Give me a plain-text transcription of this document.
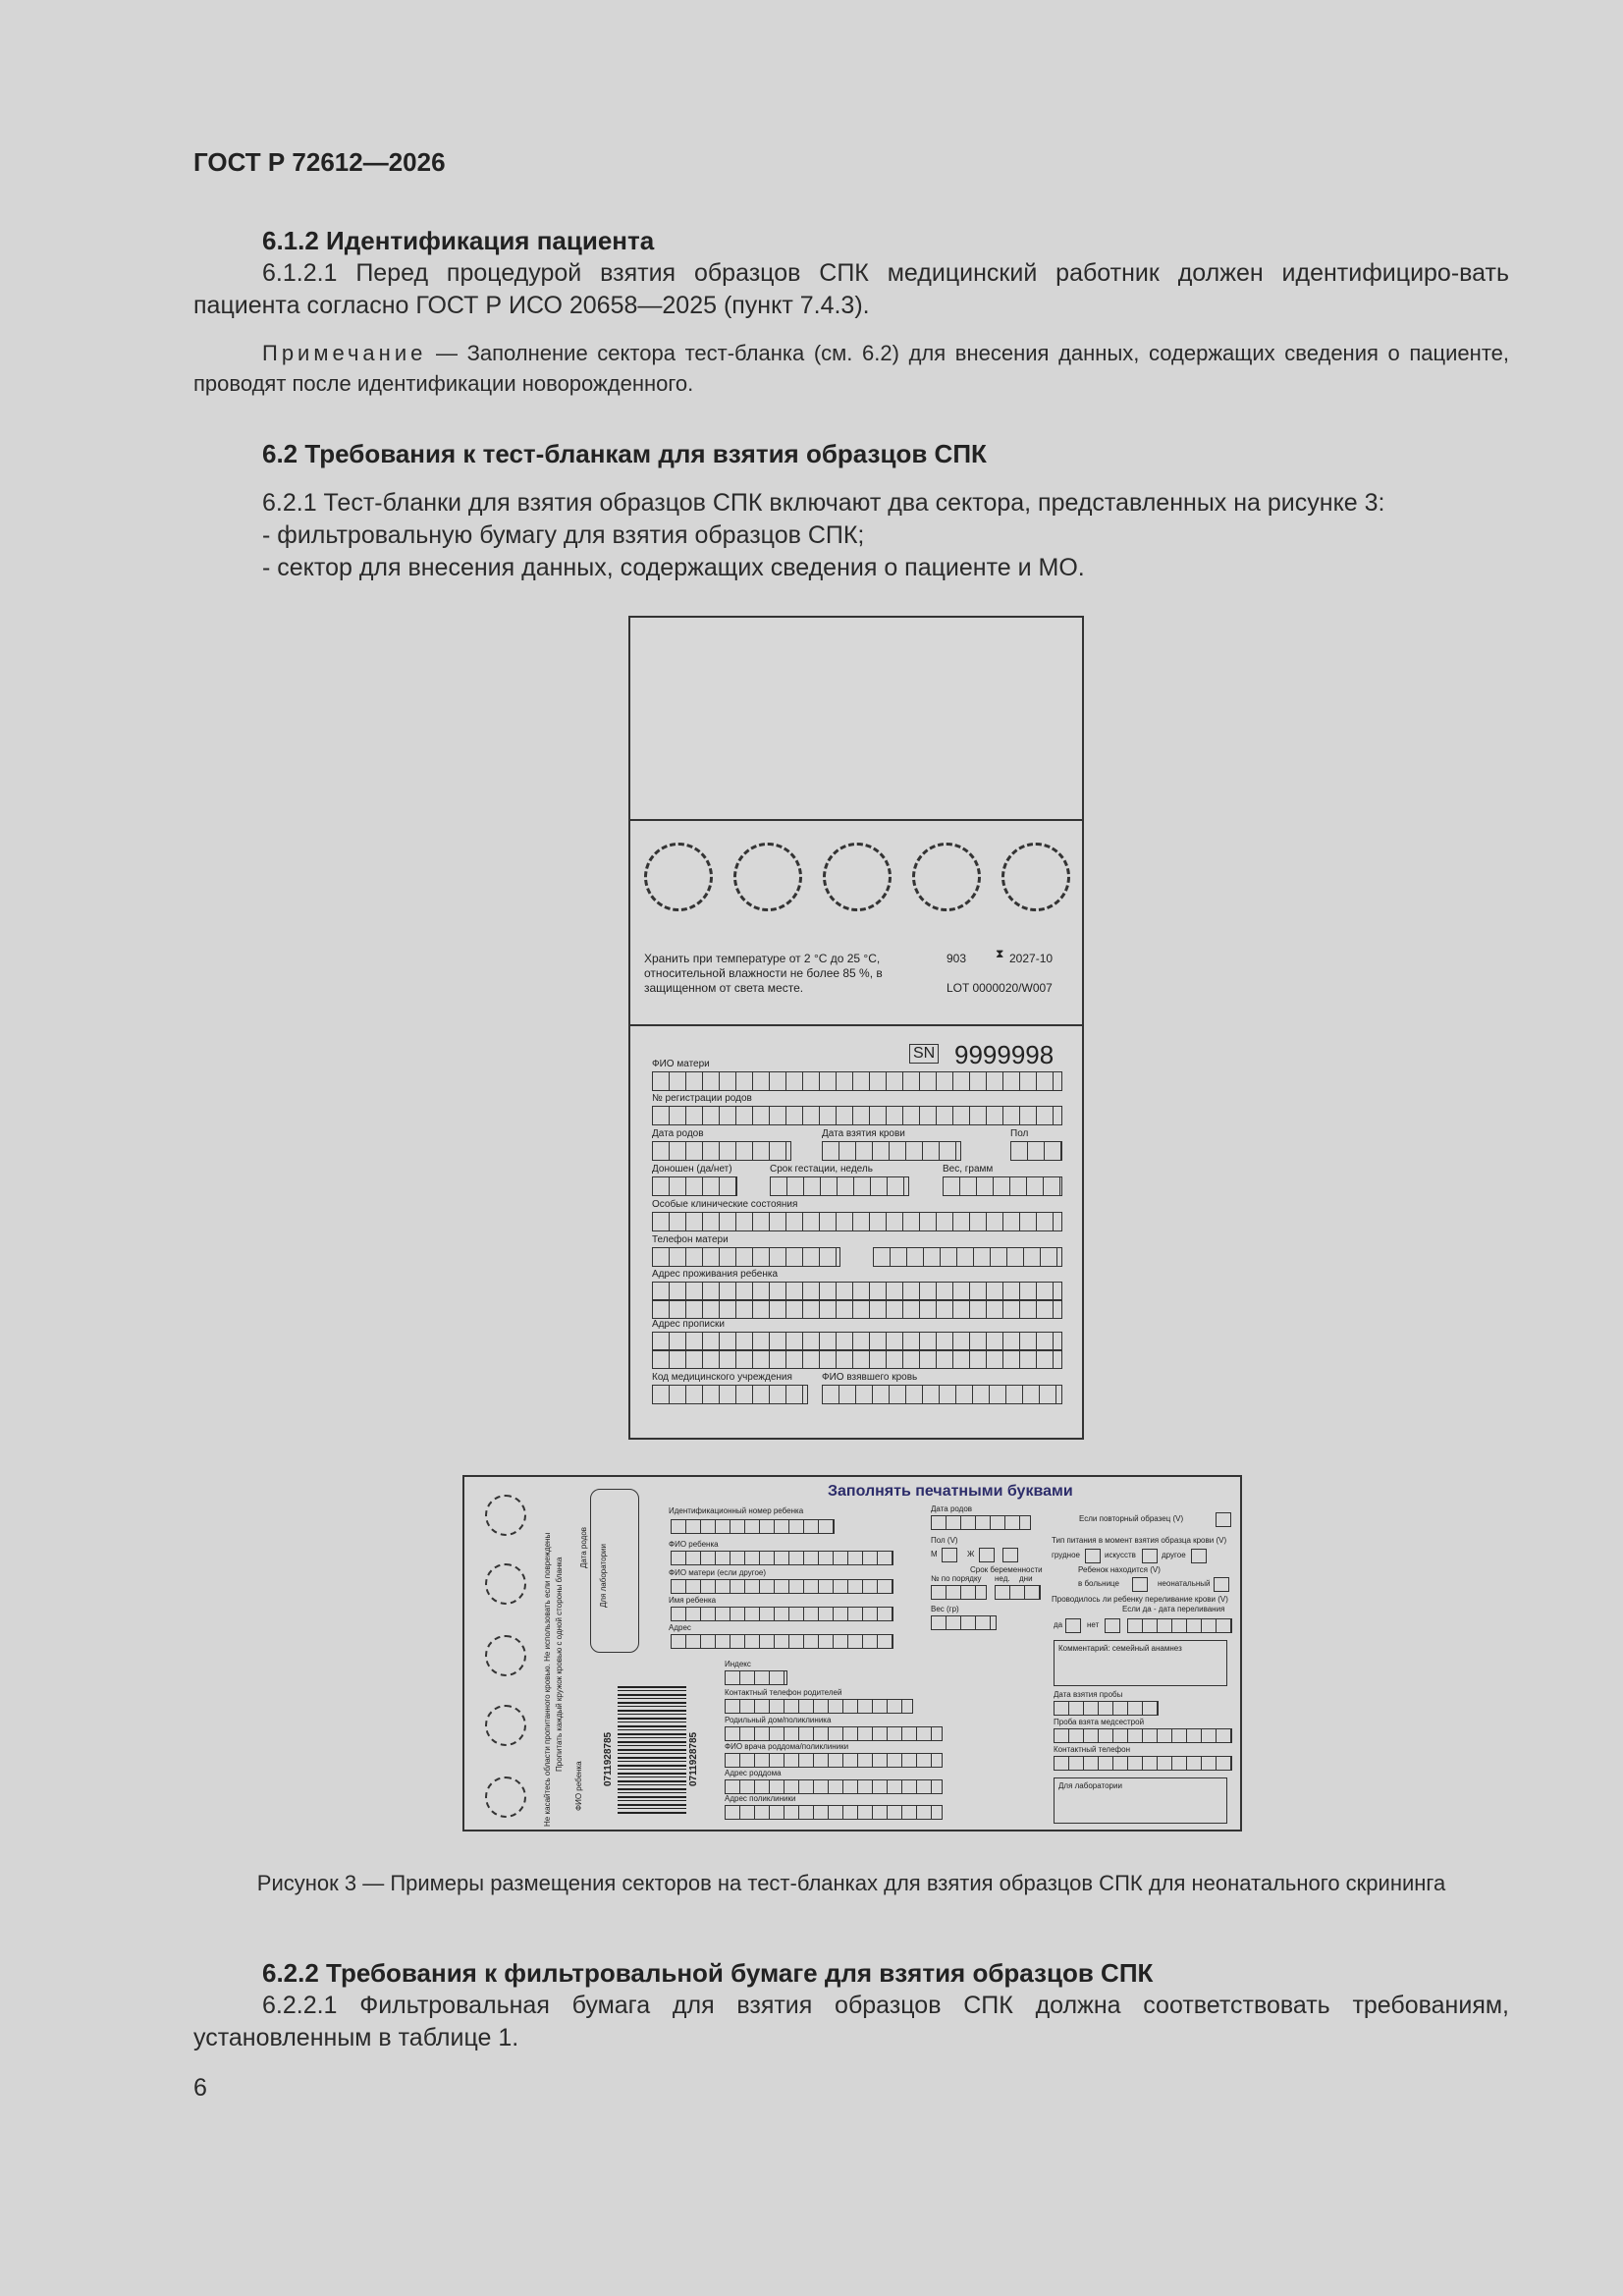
ГОСТ Р 72612—2026
6.1.2 Идентификация пациента
6.1.2.1 Перед процедурой взятия образцов СПК медицинский работник должен идентифициро-вать пациента согласно ГОСТ Р ИСО 20658—2025 (пункт 7.4.3).
Примечание — Заполнение сектора тест-бланка (см. 6.2) для внесения данных, содержащих сведения о пациенте, проводят после идентификации новорожденного.
6.2 Требования к тест-бланкам для взятия образцов СПК
6.2.1 Тест-бланки для взятия образцов СПК включают два сектора, представленных на рисунке 3:
- фильтровальную бумагу для взятия образцов СПК;
- сектор для внесения данных, содержащих сведения о пациенте и МО.
Хранить при температуре от 2 °С до 25 °С, относительной влажности не более 85 %, в защищенном от света месте.
903 ⧗ 2027-10
LOT 0000020/W007
SN 9999998
ФИО матери
№ регистрации родов
Дата родов	Дата взятия крови	Пол
Доношен (да/нет)	Срок гестации, недель	Вес, грамм
Особые клинические состояния
Телефон матери
Адрес проживания ребенка
Адрес прописки
Код медицинского учреждения	ФИО взявшего кровь
Не касайтесь области пропитанного кровью. Не использовать если повреждены Пропитать каждый кружок кровью с одной стороны бланка
ФИО ребенка
Для лаборатории
Дата родов
0711928785	0711928785
Заполнять печатными буквами
Идентификационный номер ребенка
ФИО ребенка
ФИО матери (если другое)
Имя ребенка
Адрес
Индекс
Контактный телефон родителей
Родильный дом/поликлиника
ФИО врача роддома/поликлиники
Адрес роддома
Адрес поликлиники
Дата родов
Пол (V)
М	Ж
Срок беременности
№ по порядку нед. дни
Вес (гр)
Если повторный образец (V)
Тип питания в момент взятия образца крови (V)
грудное	искусств	другое
Ребенок находится (V)
в больнице	неонатальный
Проводилось ли ребенку переливание крови (V)
Если да - дата переливания
да	нет
Комментарий: семейный анамнез
Дата взятия пробы
Проба взята медсестрой
Контактный телефон
Для лаборатории
Рисунок 3 — Примеры размещения секторов на тест-бланках для взятия образцов СПК для неонатального скрининга
6.2.2 Требования к фильтровальной бумаге для взятия образцов СПК
6.2.2.1 Фильтровальная бумага для взятия образцов СПК должна соответствовать требованиям, установленным в таблице 1.
6
